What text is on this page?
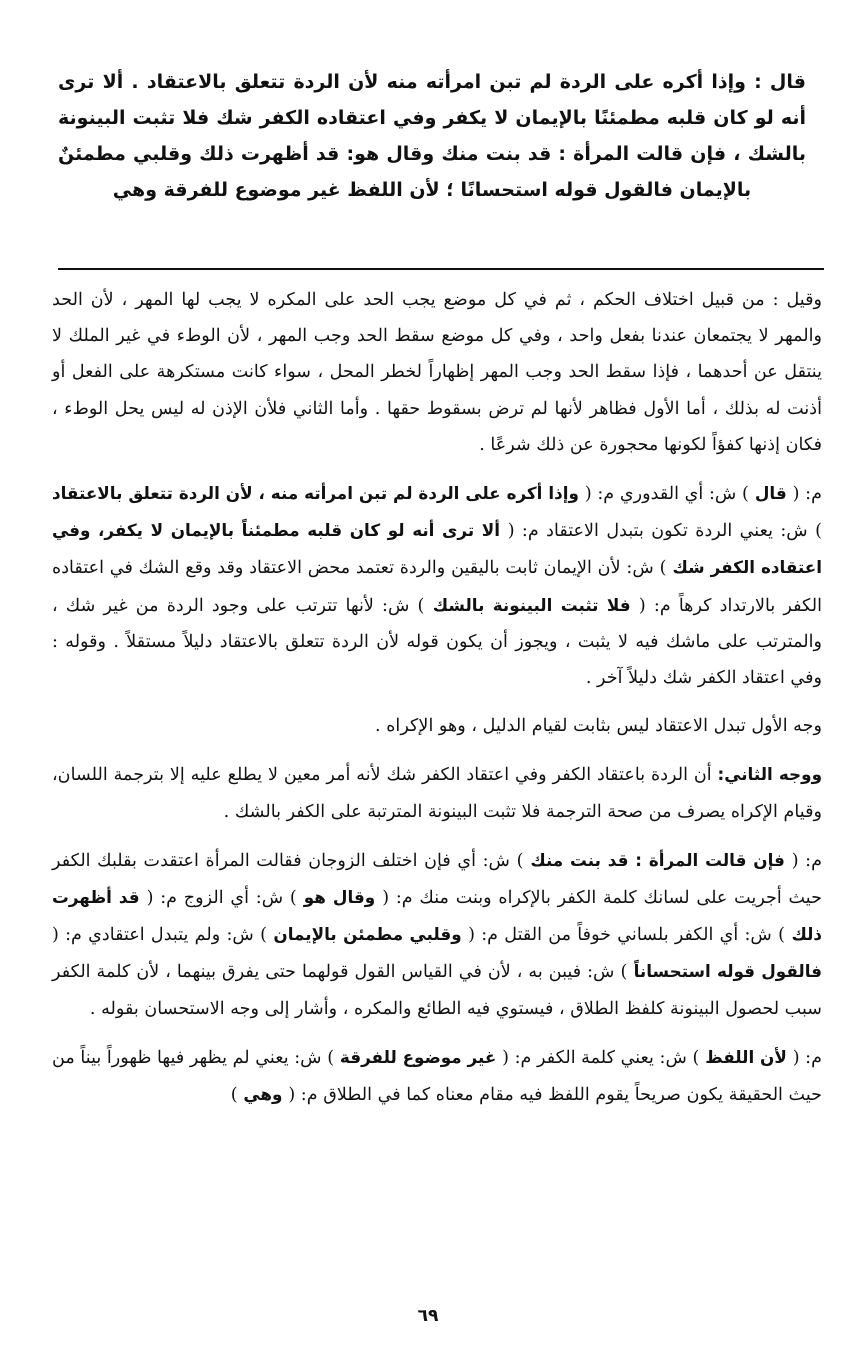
قال : وإذا أكره على الردة لم تبن امرأته منه لأن الردة تتعلق بالاعتقاد . ألا ترى أنه لو كان قلبه مطمئنًا بالإيمان لا يكفر وفي اعتقاده الكفر شك فلا تثبت البينونة بالشك ، فإن قالت المرأة : قد بنت منك وقال هو: قد أظهرت ذلك وقلبي مطمئنٌ بالإيمان فالقول قوله استحسانًا ؛ لأن اللفظ غير موضوع للفرقة وهي

وقيل : من قبيل اختلاف الحكم ، ثم في كل موضع يجب الحد على المكره لا يجب لها المهر ، لأن الحد والمهر لا يجتمعان عندنا بفعل واحد ، وفي كل موضع سقط الحد وجب المهر ، لأن الوطء في غير الملك لا ينتقل عن أحدهما ، فإذا سقط الحد وجب المهر إظهاراً لخطر المحل ، سواء كانت مستكرهة على الفعل أو أذنت له بذلك ، أما الأول فظاهر لأنها لم ترض بسقوط حقها . وأما الثاني فلأن الإذن له ليس يحل الوطء ، فكان إذنها كفؤاً لكونها محجورة عن ذلك شرعًا .

م: ( قال ) ش: أي القدوري م: ( وإذا أكره على الردة لم تبن امرأته منه ، لأن الردة تتعلق بالاعتقاد ) ش: يعني الردة تكون بتبدل الاعتقاد م: ( ألا ترى أنه لو كان قلبه مطمئناً بالإيمان لا يكفر، وفي اعتقاده الكفر شك ) ش: لأن الإيمان ثابت باليقين والردة تعتمد محض الاعتقاد وقد وقع الشك في اعتقاده الكفر بالارتداد كرهاً م: ( فلا تثبت البينونة بالشك ) ش: لأنها تترتب على وجود الردة من غير شك ، والمترتب على ماشك فيه لا يثبت ، ويجوز أن يكون قوله لأن الردة تتعلق بالاعتقاد دليلاً مستقلاً . وقوله : وفي اعتقاد الكفر شك دليلاً آخر .

وجه الأول تبدل الاعتقاد ليس بثابت لقيام الدليل ، وهو الإكراه .

ووجه الثاني: أن الردة باعتقاد الكفر وفي اعتقاد الكفر شك لأنه أمر معين لا يطلع عليه إلا بترجمة اللسان، وقيام الإكراه يصرف من صحة الترجمة فلا تثبت البينونة المترتبة على الكفر بالشك .

م: ( فإن قالت المرأة : قد بنت منك ) ش: أي فإن اختلف الزوجان فقالت المرأة اعتقدت بقلبك الكفر حيث أجريت على لسانك كلمة الكفر بالإكراه وبنت منك م: ( وقال هو ) ش: أي الزوج م: ( قد أظهرت ذلك ) ش: أي الكفر بلساني خوفاً من القتل م: ( وقلبي مطمئن بالإيمان ) ش: ولم يتبدل اعتقادي م: ( فالقول قوله استحساناً ) ش: فيبن به ، لأن في القياس القول قولهما حتى يفرق بينهما ، لأن كلمة الكفر سبب لحصول البينونة كلفظ الطلاق ، فيستوي فيه الطائع والمكره ، وأشار إلى وجه الاستحسان بقوله .

م: ( لأن اللفظ ) ش: يعني كلمة الكفر م: ( غير موضوع للفرقة ) ش: يعني لم يظهر فيها ظهوراً بيناً من حيث الحقيقة يكون صريحاً يقوم اللفظ فيه مقام معناه كما في الطلاق م: ( وهي )

٦٩
